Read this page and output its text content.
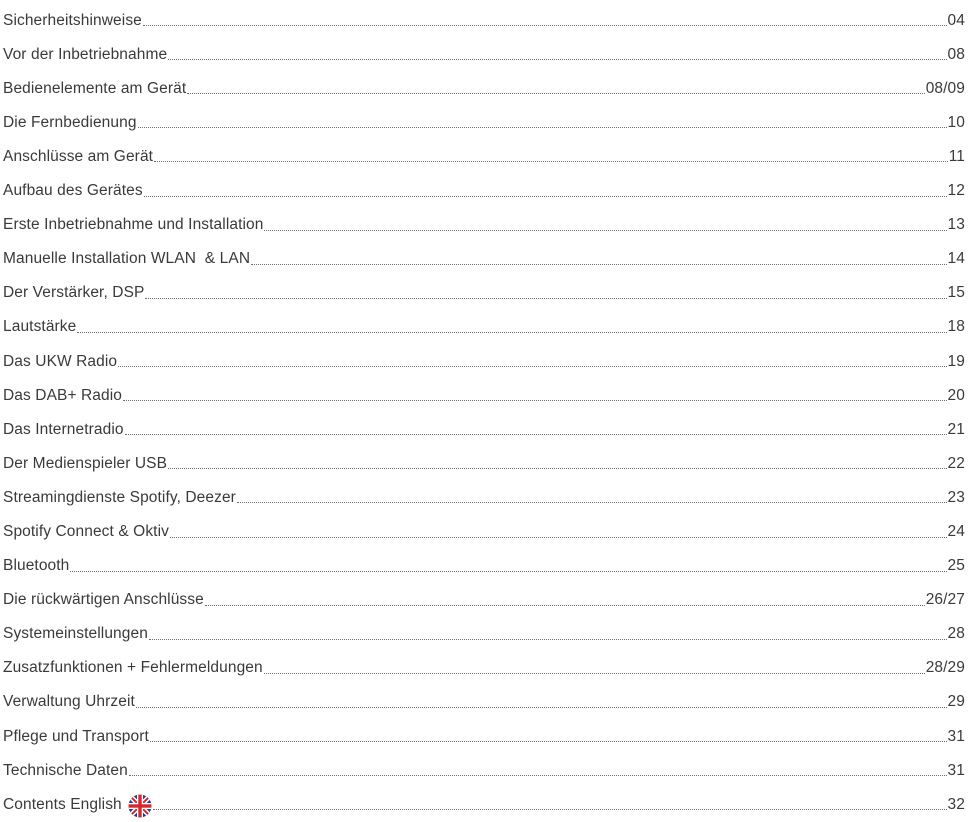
Sicherheitshinweise	04
Vor der Inbetriebnahme	08
Bedienelemente am Gerät	08/09
Die Fernbedienung	10
Anschlüsse am Gerät	11
Aufbau des Gerätes	12
Erste Inbetriebnahme und Installation	13
Manuelle Installation WLAN  & LAN	14
Der Verstärker, DSP	15
Lautstärke	18
Das UKW Radio	19
Das DAB+ Radio	20
Das Internetradio	21
Der Medienspieler USB	22
Streamingdienste Spotify, Deezer	23
Spotify Connect & Oktiv	24
Bluetooth	25
Die rückwärtigen Anschlüsse	26/27
Systemeinstellungen	28
Zusatzfunktionen + Fehlermeldungen	28/29
Verwaltung Uhrzeit	29
Pflege und Transport	31
Technische Daten	31
Contents English	32
